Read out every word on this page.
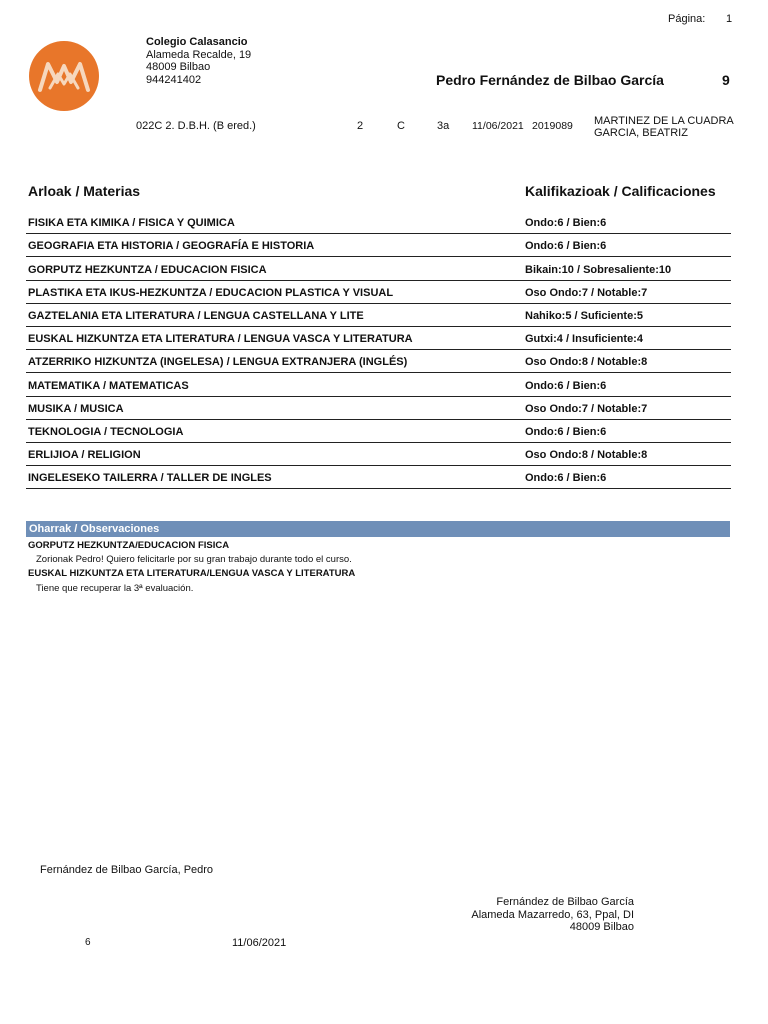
Página: 1
Colegio Calasancio
Alameda Recalde, 19
48009 Bilbao
944241402	Pedro Fernández de Bilbao García	9
022C 2. D.B.H. (B ered.)	2	C	3a 11/06/2021 2019089 MARTINEZ DE LA CUADRA
GARCIA, BEATRIZ
Arloak / Materias	Kalifikazioak / Calificaciones
FISIKA ETA KIMIKA / FISICA Y QUIMICA	Ondo:6 / Bien:6
GEOGRAFIA ETA HISTORIA / GEOGRAFÍA E HISTORIA	Ondo:6 / Bien:6
GORPUTZ HEZKUNTZA / EDUCACION FISICA	Bikain:10 / Sobresaliente:10
PLASTIKA ETA IKUS-HEZKUNTZA / EDUCACION PLASTICA Y VISUAL	Oso Ondo:7 / Notable:7
GAZTELANIA ETA LITERATURA / LENGUA CASTELLANA Y LITE	Nahiko:5 / Suficiente:5
EUSKAL HIZKUNTZA ETA LITERATURA / LENGUA VASCA Y LITERATURA	Gutxi:4 / Insuficiente:4
ATZERRIKO HIZKUNTZA (INGELESA) / LENGUA EXTRANJERA (INGLÉS)	Oso Ondo:8 / Notable:8
MATEMATIKA / MATEMATICAS	Ondo:6 / Bien:6
MUSIKA / MUSICA	Oso Ondo:7 / Notable:7
TEKNOLOGIA / TECNOLOGIA	Ondo:6 / Bien:6
ERLIJIOA / RELIGION	Oso Ondo:8 / Notable:8
INGELESEKO TAILERRA / TALLER DE INGLES	Ondo:6 / Bien:6
Oharrak / Observaciones
GORPUTZ HEZKUNTZA/EDUCACION FISICA
Zorionak Pedro! Quiero felicitarle por su gran trabajo durante todo el curso.
EUSKAL HIZKUNTZA ETA LITERATURA/LENGUA VASCA Y LITERATURA
Tiene que recuperar la 3ª evaluación.
Fernández de Bilbao García, Pedro
6	11/06/2021
Fernández de Bilbao García
Alameda Mazarredo, 63, Ppal, DI
48009 Bilbao
